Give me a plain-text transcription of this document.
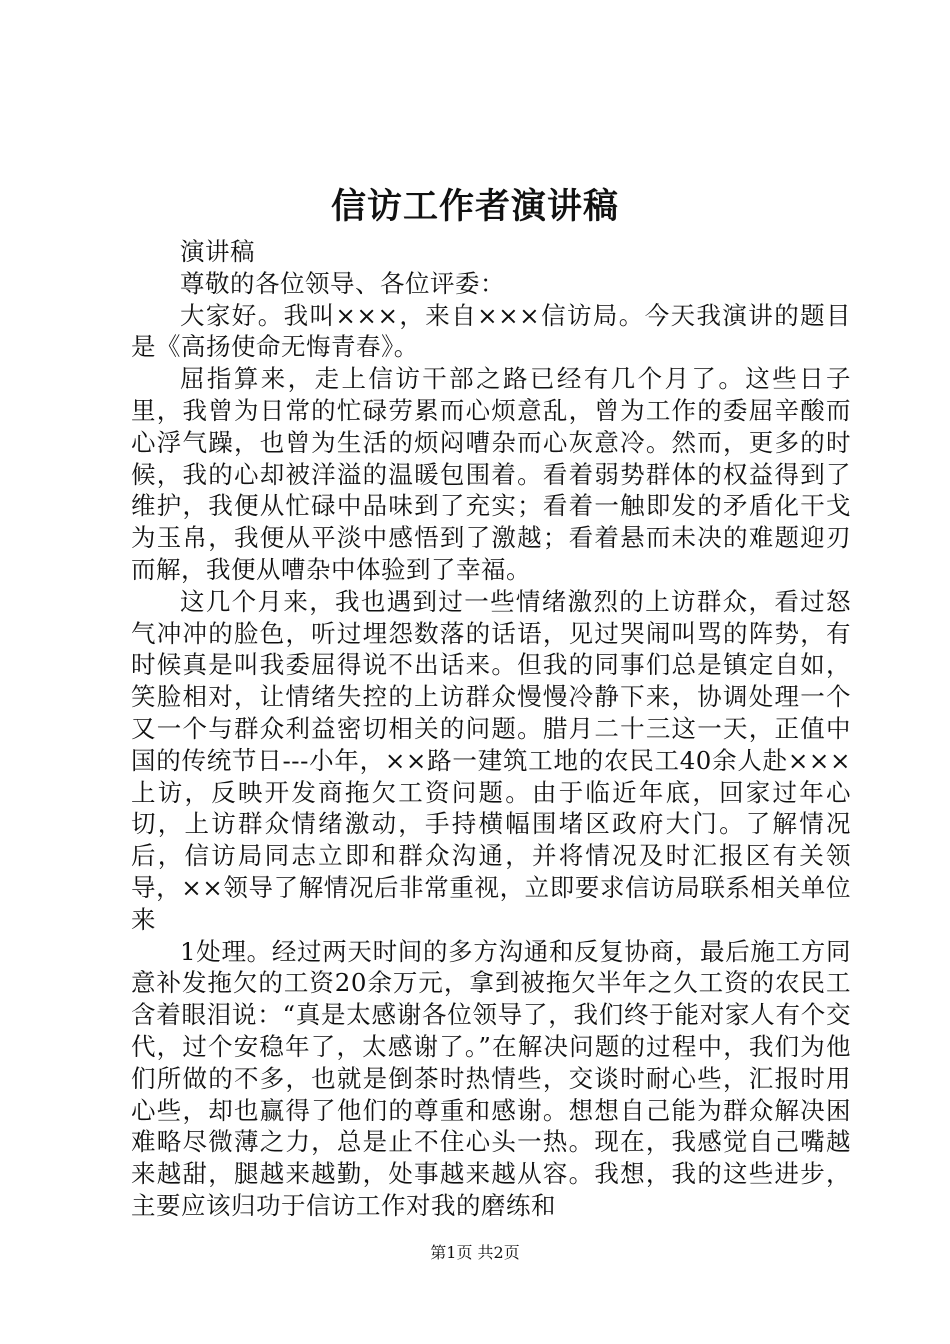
信访工作者演讲稿

演讲稿

尊敬的各位领导、各位评委：

大家好。我叫×××，来自×××信访局。今天我演讲的题目是《高扬使命无悔青春》。

屈指算来，走上信访干部之路已经有几个月了。这些日子里，我曾为日常的忙碌劳累而心烦意乱，曾为工作的委屈辛酸而心浮气躁，也曾为生活的烦闷嘈杂而心灰意冷。然而，更多的时候，我的心却被洋溢的温暖包围着。看着弱势群体的权益得到了维护，我便从忙碌中品味到了充实；看着一触即发的矛盾化干戈为玉帛，我便从平淡中感悟到了激越；看着悬而未决的难题迎刃而解，我便从嘈杂中体验到了幸福。

这几个月来，我也遇到过一些情绪激烈的上访群众，看过怒气冲冲的脸色，听过埋怨数落的话语，见过哭闹叫骂的阵势，有时候真是叫我委屈得说不出话来。但我的同事们总是镇定自如，笑脸相对，让情绪失控的上访群众慢慢冷静下来，协调处理一个又一个与群众利益密切相关的问题。腊月二十三这一天，正值中国的传统节日---小年，××路一建筑工地的农民工40余人赴×××上访，反映开发商拖欠工资问题。由于临近年底，回家过年心切，上访群众情绪激动，手持横幅围堵区政府大门。了解情况后，信访局同志立即和群众沟通，并将情况及时汇报区有关领导，××领导了解情况后非常重视，立即要求信访局联系相关单位来

1处理。经过两天时间的多方沟通和反复协商，最后施工方同意补发拖欠的工资20余万元，拿到被拖欠半年之久工资的农民工含着眼泪说：“真是太感谢各位领导了，我们终于能对家人有个交代，过个安稳年了，太感谢了。”在解决问题的过程中，我们为他们所做的不多，也就是倒茶时热情些，交谈时耐心些，汇报时用心些，却也赢得了他们的尊重和感谢。想想自己能为群众解决困难略尽微薄之力，总是止不住心头一热。现在，我感觉自己嘴越来越甜，腿越来越勤，处事越来越从容。我想，我的这些进步，主要应该归功于信访工作对我的磨练和

第1页 共2页
